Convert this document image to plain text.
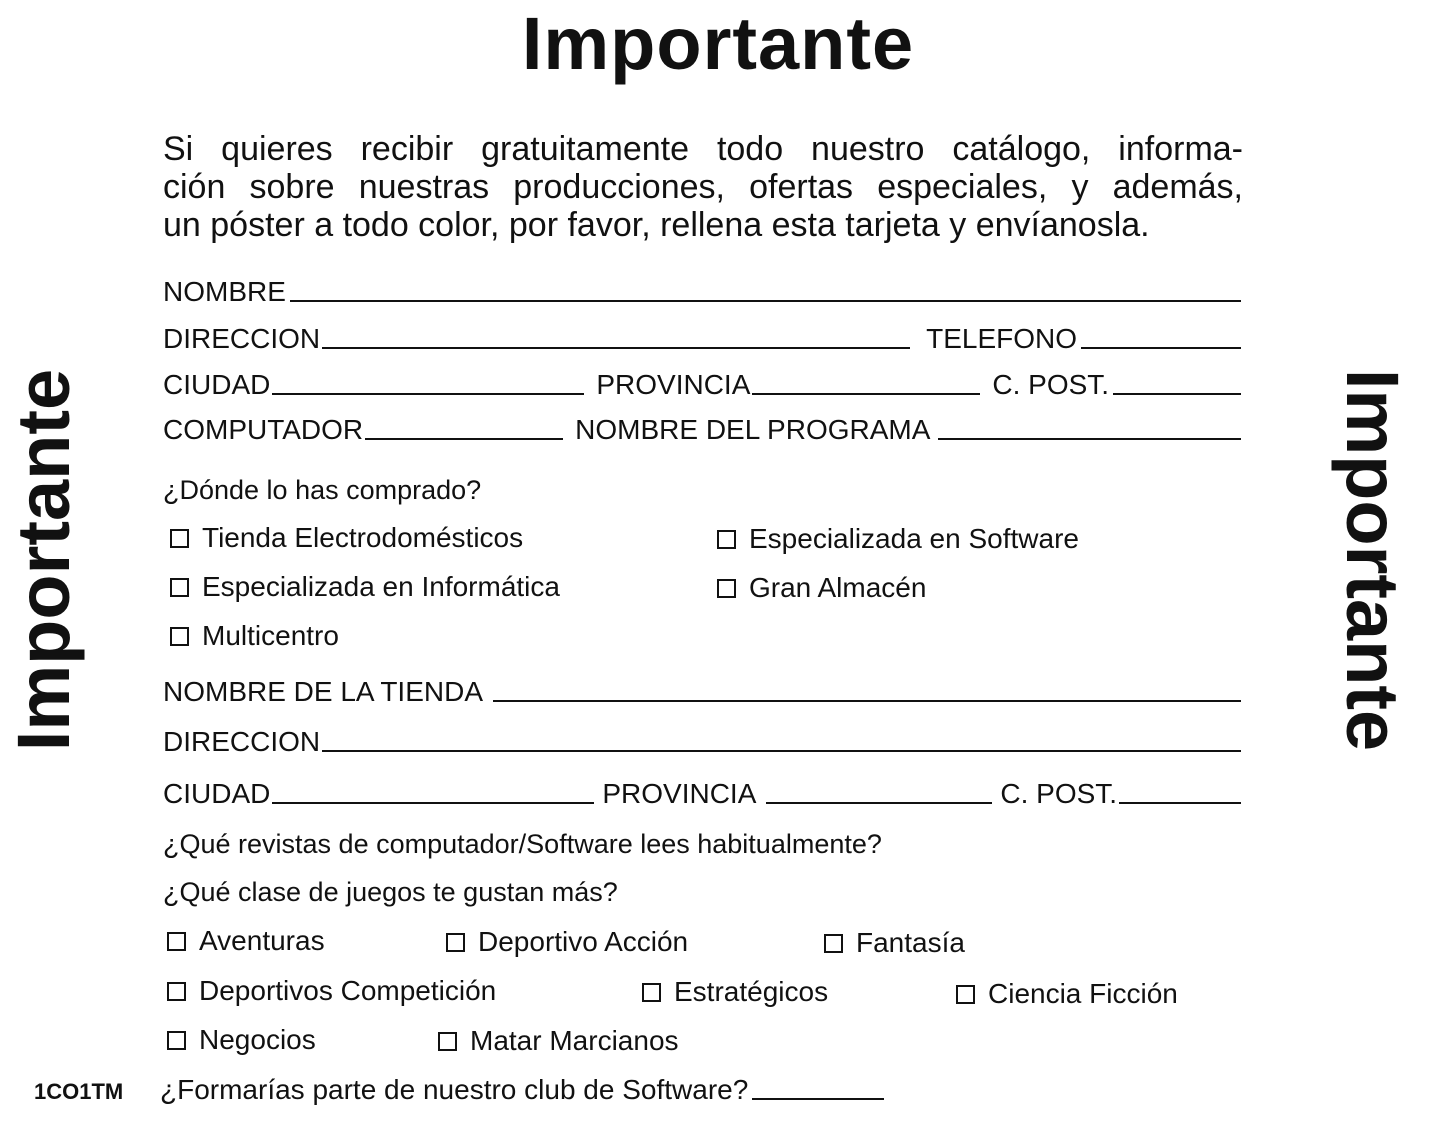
Importante
Importante	Importante
Si quieres recibir gratuitamente todo nuestro catálogo, informa-
ción sobre nuestras producciones, ofertas especiales, y además,
un póster a todo color, por favor, rellena esta tarjeta y envíanosla.
NOMBRE
DIRECCION	TELEFONO
CIUDAD	PROVINCIA	C. POST.
COMPUTADOR	NOMBRE DEL PROGRAMA
¿Dónde lo has comprado?
Tienda Electrodomésticos	Especializada en Software
Especializada en Informática	Gran Almacén
Multicentro
NOMBRE DE LA TIENDA
DIRECCION
CIUDAD	PROVINCIA	C. POST.
¿Qué revistas de computador/Software lees habitualmente?
¿Qué clase de juegos te gustan más?
Aventuras	Deportivo Acción	Fantasía
Deportivos Competición	Estratégicos	Ciencia Ficción
Negocios	Matar Marcianos
1CO1TM ¿Formarías parte de nuestro club de Software?
